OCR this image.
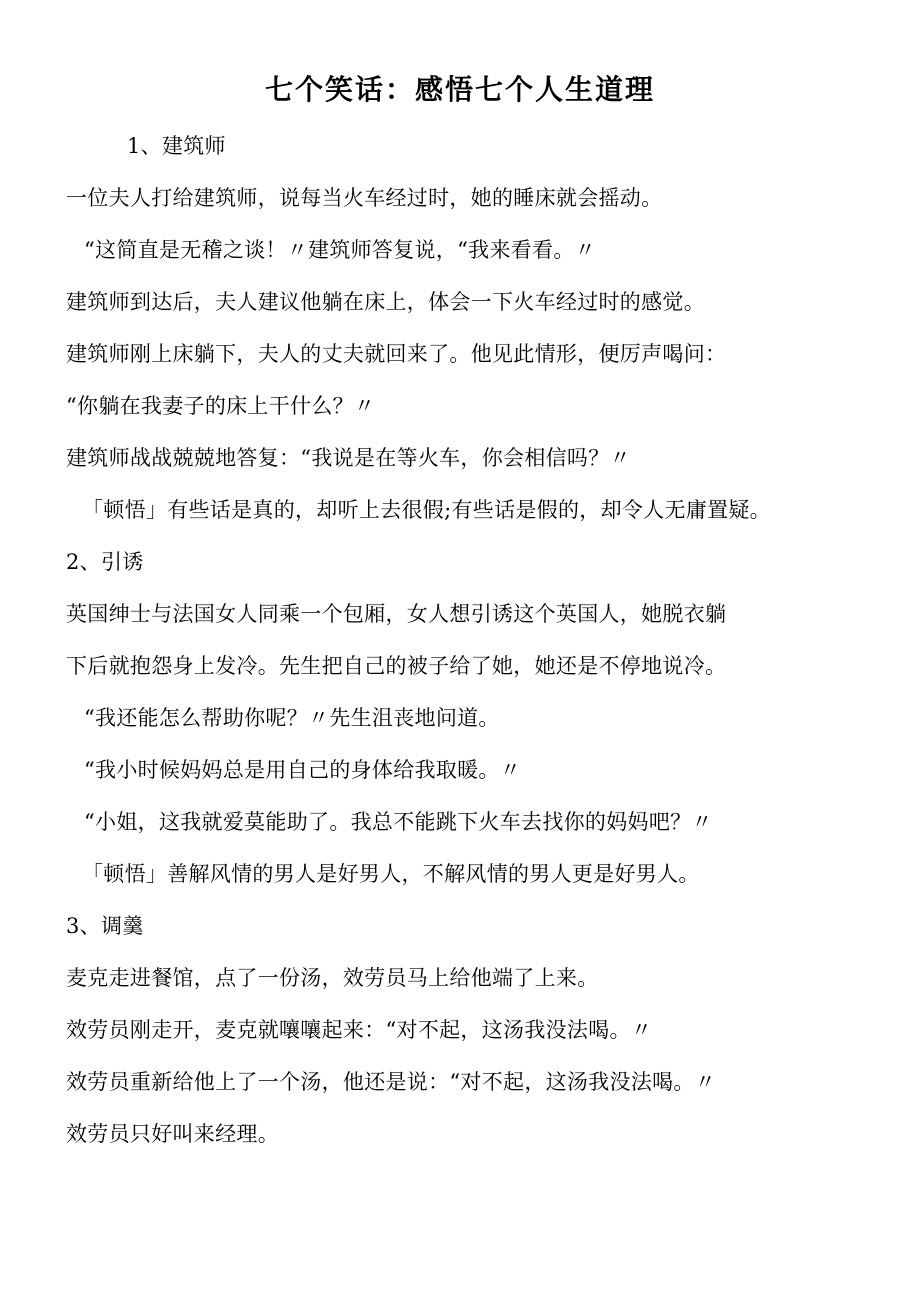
七个笑话：感悟七个人生道理
1、建筑师
一位夫人打给建筑师，说每当火车经过时，她的睡床就会摇动。
“这简直是无稽之谈！〃建筑师答复说，“我来看看。〃
建筑师到达后，夫人建议他躺在床上，体会一下火车经过时的感觉。
建筑师刚上床躺下，夫人的丈夫就回来了。他见此情形，便厉声喝问：
“你躺在我妻子的床上干什么？〃
建筑师战战兢兢地答复：“我说是在等火车，你会相信吗？〃
「顿悟」有些话是真的，却听上去很假;有些话是假的，却令人无庸置疑。
2、引诱
英国绅士与法国女人同乘一个包厢，女人想引诱这个英国人，她脱衣躺
下后就抱怨身上发冷。先生把自己的被子给了她，她还是不停地说冷。
“我还能怎么帮助你呢？〃先生沮丧地问道。
“我小时候妈妈总是用自己的身体给我取暖。〃
“小姐，这我就爱莫能助了。我总不能跳下火车去找你的妈妈吧？〃
「顿悟」善解风情的男人是好男人，不解风情的男人更是好男人。
3、调羹
麦克走进餐馆，点了一份汤，效劳员马上给他端了上来。
效劳员刚走开，麦克就嚷嚷起来：“对不起，这汤我没法喝。〃
效劳员重新给他上了一个汤，他还是说：“对不起，这汤我没法喝。〃
效劳员只好叫来经理。
